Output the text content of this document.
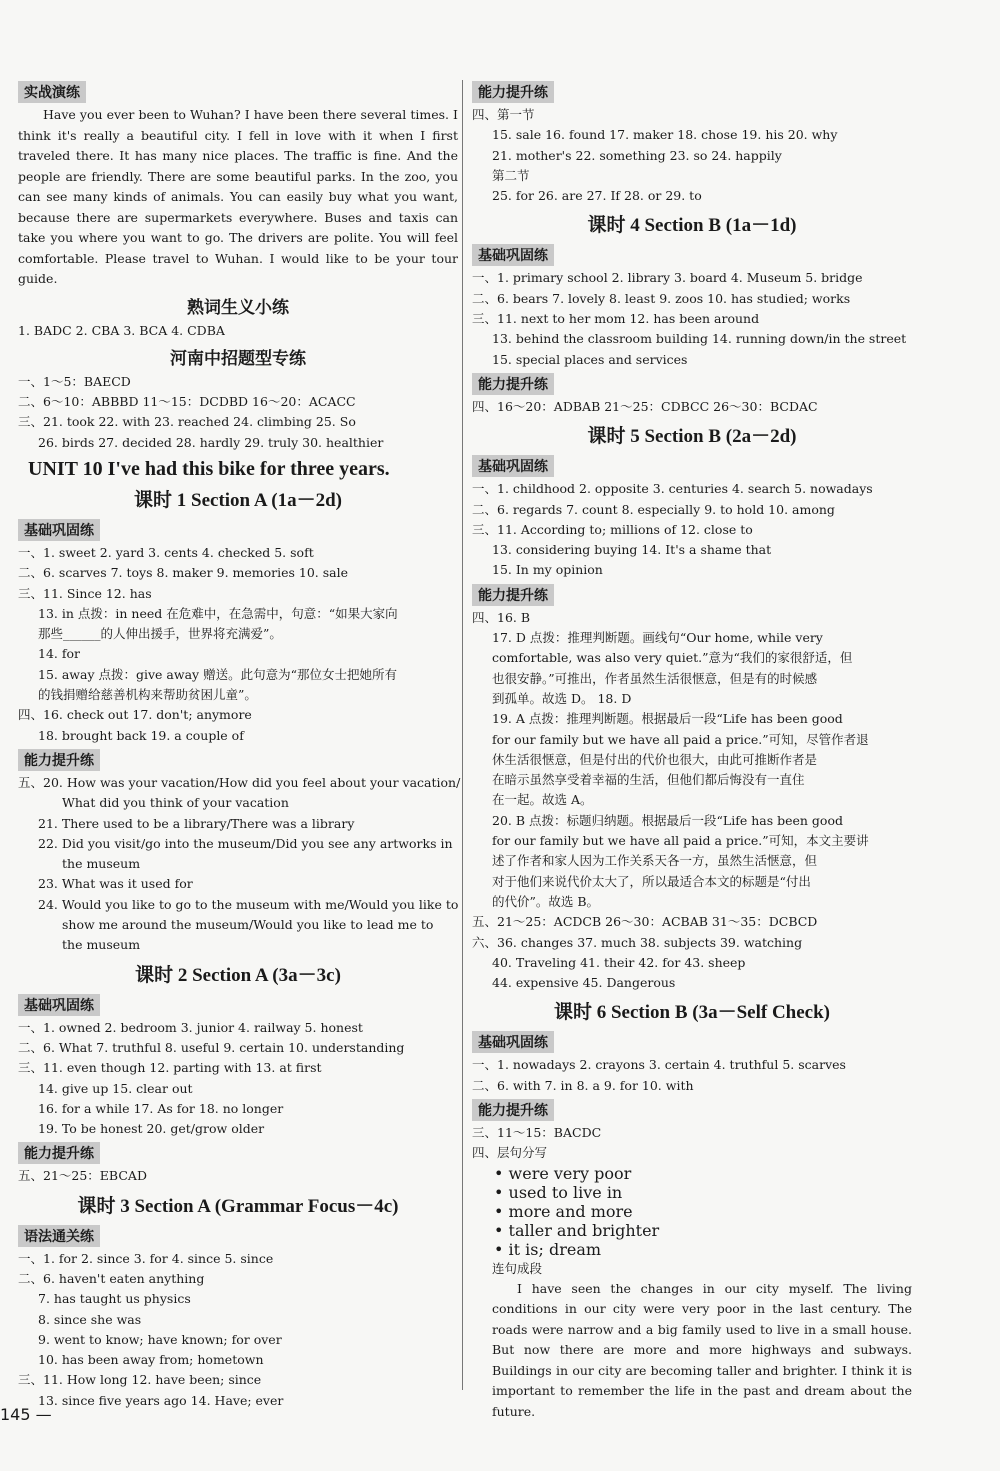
实战演练
Have you ever been to Wuhan? I have been there several times. I think it's really a beautiful city. I fell in love with it when I first traveled there. It has many nice places. The traffic is fine. And the people are friendly. There are some beautiful parks. In the zoo, you can see many kinds of animals. You can easily buy what you want, because there are supermarkets everywhere. Buses and taxis can take you where you want to go. The drivers are polite. You will feel comfortable. Please travel to Wuhan. I would like to be your tour guide.
熟词生义小练
1. BADC 2. CBA 3. BCA 4. CDBA
河南中招题型专练
一、1～5：BAECD
二、6～10：ABBBD 11～15：DCDBD 16～20：ACACC
三、21. took 22. with 23. reached 24. climbing 25. So
26. birds 27. decided 28. hardly 29. truly 30. healthier
UNIT 10 I've had this bike for three years.
课时 1 Section A (1a－2d)
基础巩固练
一、1. sweet 2. yard 3. cents 4. checked 5. soft
二、6. scarves 7. toys 8. maker 9. memories 10. sale
三、11. Since 12. has
13. in 点拨：in need 在危难中，在急需中，句意：“如果大家向
那些______的人伸出援手，世界将充满爱”。
14. for
15. away 点拨：give away 赠送。此句意为“那位女士把她所有
的钱捐赠给慈善机构来帮助贫困儿童”。
四、16. check out 17. don't; anymore
18. brought back 19. a couple of
能力提升练
五、20. How was your vacation/How did you feel about your vacation/
What did you think of your vacation
21. There used to be a library/There was a library
22. Did you visit/go into the museum/Did you see any artworks in
the museum
23. What was it used for
24. Would you like to go to the museum with me/Would you like to
show me around the museum/Would you like to lead me to
the museum
课时 2 Section A (3a－3c)
基础巩固练
一、1. owned 2. bedroom 3. junior 4. railway 5. honest
二、6. What 7. truthful 8. useful 9. certain 10. understanding
三、11. even though 12. parting with 13. at first
14. give up 15. clear out
16. for a while 17. As for 18. no longer
19. To be honest 20. get/grow older
能力提升练
五、21～25：EBCAD
课时 3 Section A (Grammar Focus－4c)
语法通关练
一、1. for 2. since 3. for 4. since 5. since
二、6. haven't eaten anything
7. has taught us physics
8. since she was
9. went to know; have known; for over
10. has been away from; hometown
三、11. How long 12. have been; since
13. since five years ago 14. Have; ever
能力提升练
四、第一节
15. sale 16. found 17. maker 18. chose 19. his 20. why
21. mother's 22. something 23. so 24. happily
第二节
25. for 26. are 27. If 28. or 29. to
课时 4 Section B (1a－1d)
基础巩固练
一、1. primary school 2. library 3. board 4. Museum 5. bridge
二、6. bears 7. lovely 8. least 9. zoos 10. has studied; works
三、11. next to her mom 12. has been around
13. behind the classroom building 14. running down/in the street
15. special places and services
能力提升练
四、16～20：ADBAB 21～25：CDBCC 26～30：BCDAC
课时 5 Section B (2a－2d)
基础巩固练
一、1. childhood 2. opposite 3. centuries 4. search 5. nowadays
二、6. regards 7. count 8. especially 9. to hold 10. among
三、11. According to; millions of 12. close to
13. considering buying 14. It's a shame that
15. In my opinion
能力提升练
四、16. B
17. D 点拨：推理判断题。画线句“Our home, while very
comfortable, was also very quiet.”意为“我们的家很舒适，但
也很安静。”可推出，作者虽然生活很惬意，但是有的时候感
到孤单。故选 D。 18. D
19. A 点拨：推理判断题。根据最后一段“Life has been good
for our family but we have all paid a price.”可知，尽管作者退
休生活很惬意，但是付出的代价也很大，由此可推断作者是
在暗示虽然享受着幸福的生活，但他们都后悔没有一直住
在一起。故选 A。
20. B 点拨：标题归纳题。根据最后一段“Life has been good
for our family but we have all paid a price.”可知，本文主要讲
述了作者和家人因为工作关系天各一方，虽然生活惬意，但
对于他们来说代价太大了，所以最适合本文的标题是“付出
的代价”。故选 B。
五、21～25：ACDCB 26～30：ACBAB 31～35：DCBCD
六、36. changes 37. much 38. subjects 39. watching
40. Traveling 41. their 42. for 43. sheep
44. expensive 45. Dangerous
课时 6 Section B (3a－Self Check)
基础巩固练
一、1. nowadays 2. crayons 3. certain 4. truthful 5. scarves
二、6. with 7. in 8. a 9. for 10. with
能力提升练
三、11～15：BACDC
四、层句分写
• were very poor
• used to live in
• more and more
• taller and brighter
• it is; dream
连句成段
I have seen the changes in our city myself. The living conditions in our city were very poor in the last century. The roads were narrow and a big family used to live in a small house. But now there are more and more highways and subways. Buildings in our city are becoming taller and brighter. I think it is important to remember the life in the past and dream about the future.
145 —
